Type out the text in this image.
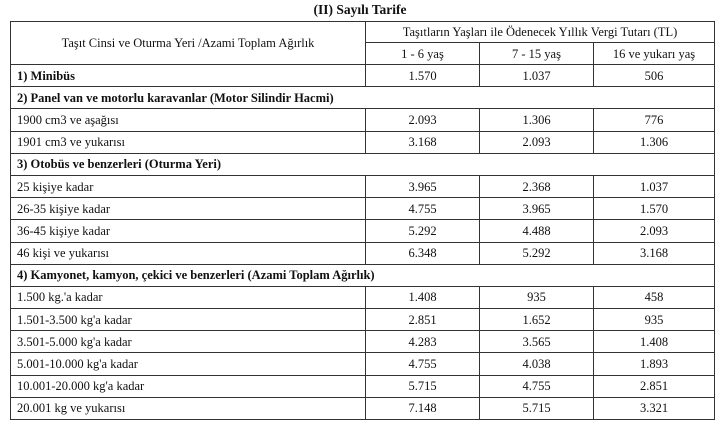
(II) Sayılı Tarife
Taşıt Cinsi ve Oturma Yeri /Azami Toplam Ağırlık	Taşıtların Yaşları ile Ödenecek Yıllık Vergi Tutarı (TL)		
	1 - 6 yaş	7 - 15 yaş	16 ve yukarı yaş
1) Minibüs	1.570	1.037	506
2) Panel van ve motorlu karavanlar (Motor Silindir Hacmi)			
1900 cm3 ve aşağısı	2.093	1.306	776
1901 cm3 ve yukarısı	3.168	2.093	1.306
3) Otobüs ve benzerleri (Oturma Yeri)			
25 kişiye kadar	3.965	2.368	1.037
26-35 kişiye kadar	4.755	3.965	1.570
36-45 kişiye kadar	5.292	4.488	2.093
46 kişi ve yukarısı	6.348	5.292	3.168
4) Kamyonet, kamyon, çekici ve benzerleri (Azami Toplam Ağırlık)			
1.500 kg.'a kadar	1.408	935	458
1.501-3.500 kg'a kadar	2.851	1.652	935
3.501-5.000 kg'a kadar	4.283	3.565	1.408
5.001-10.000 kg'a kadar	4.755	4.038	1.893
10.001-20.000 kg'a kadar	5.715	4.755	2.851
20.001 kg ve yukarısı	7.148	5.715	3.321
